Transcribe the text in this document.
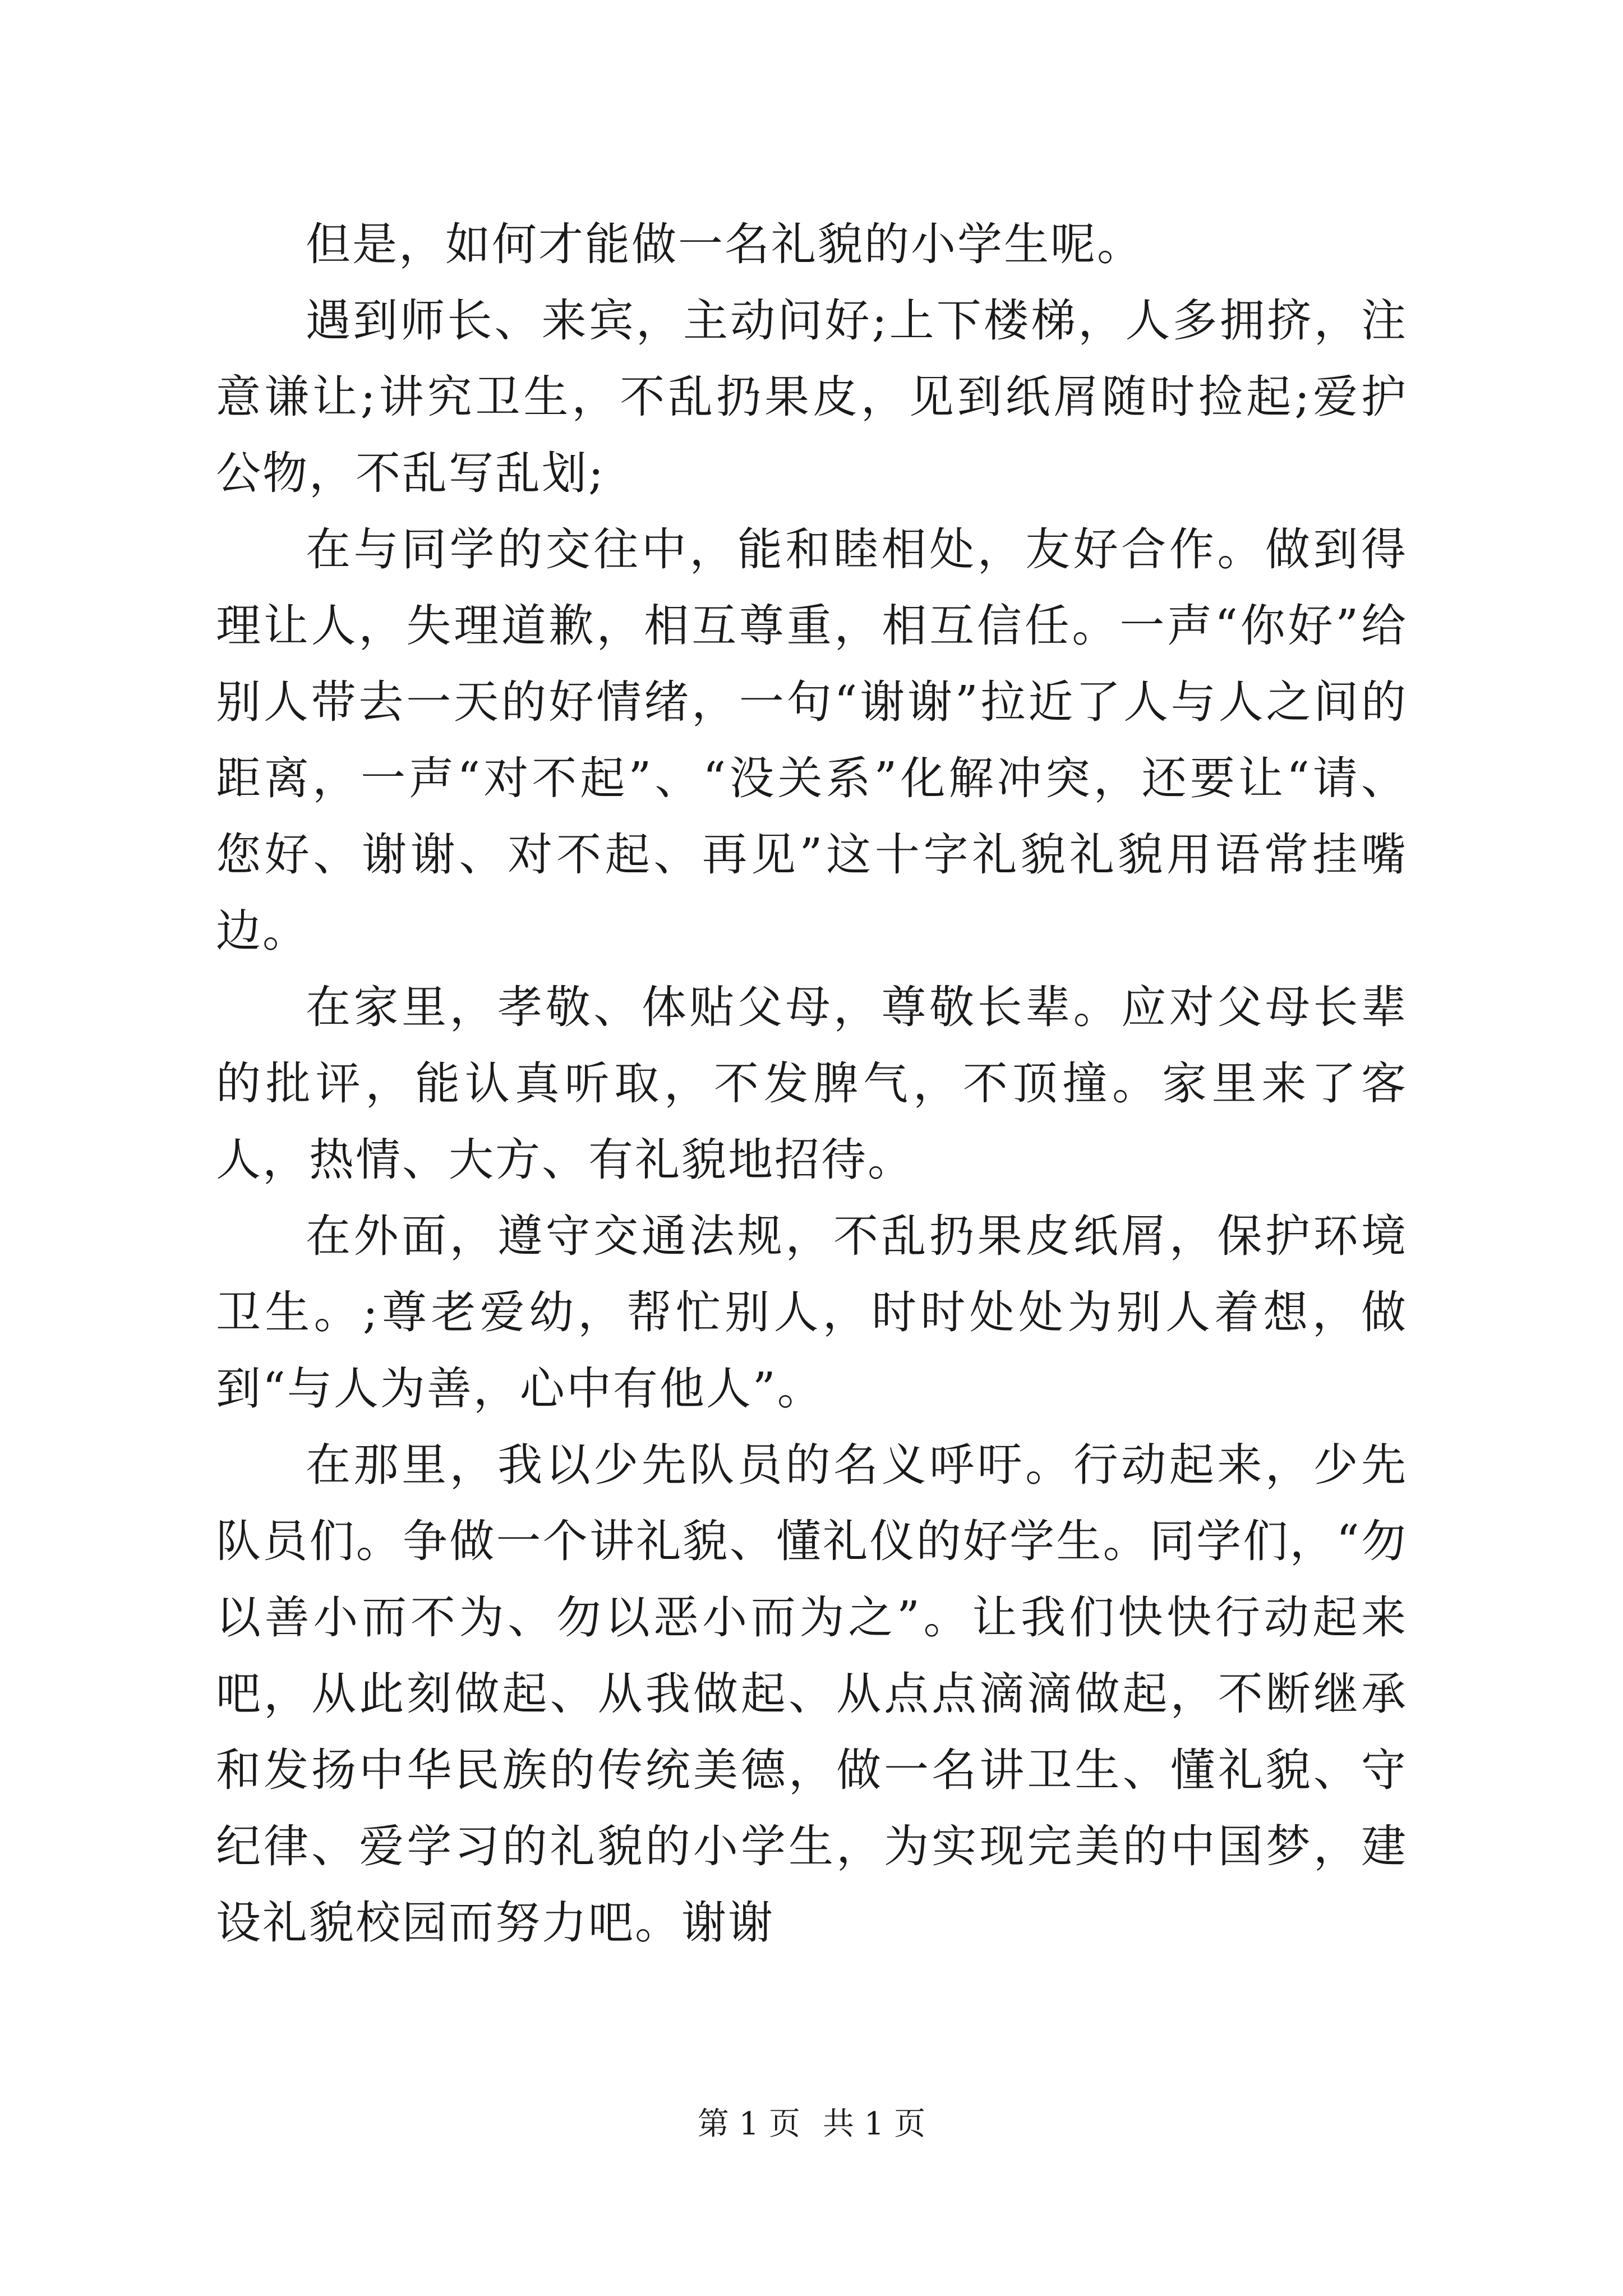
但是，如何才能做一名礼貌的小学生呢。

遇到师长、来宾，主动问好;上下楼梯，人多拥挤，注意谦让;讲究卫生，不乱扔果皮，见到纸屑随时捡起;爱护公物，不乱写乱划;

在与同学的交往中，能和睦相处，友好合作。做到得理让人，失理道歉，相互尊重，相互信任。一声“你好”给别人带去一天的好情绪，一句“谢谢”拉近了人与人之间的距离，一声“对不起”、“没关系”化解冲突，还要让“请、您好、谢谢、对不起、再见”这十字礼貌礼貌用语常挂嘴边。

在家里，孝敬、体贴父母，尊敬长辈。应对父母长辈的批评，能认真听取，不发脾气，不顶撞。家里来了客人，热情、大方、有礼貌地招待。

在外面，遵守交通法规，不乱扔果皮纸屑，保护环境卫生。;尊老爱幼，帮忙别人，时时处处为别人着想，做到“与人为善，心中有他人”。

在那里，我以少先队员的名义呼吁。行动起来，少先队员们。争做一个讲礼貌、懂礼仪的好学生。同学们，“勿以善小而不为、勿以恶小而为之”。让我们快快行动起来吧，从此刻做起、从我做起、从点点滴滴做起，不断继承和发扬中华民族的传统美德，做一名讲卫生、懂礼貌、守纪律、爱学习的礼貌的小学生，为实现完美的中国梦，建设礼貌校园而努力吧。谢谢

第 1 页 共 1 页
